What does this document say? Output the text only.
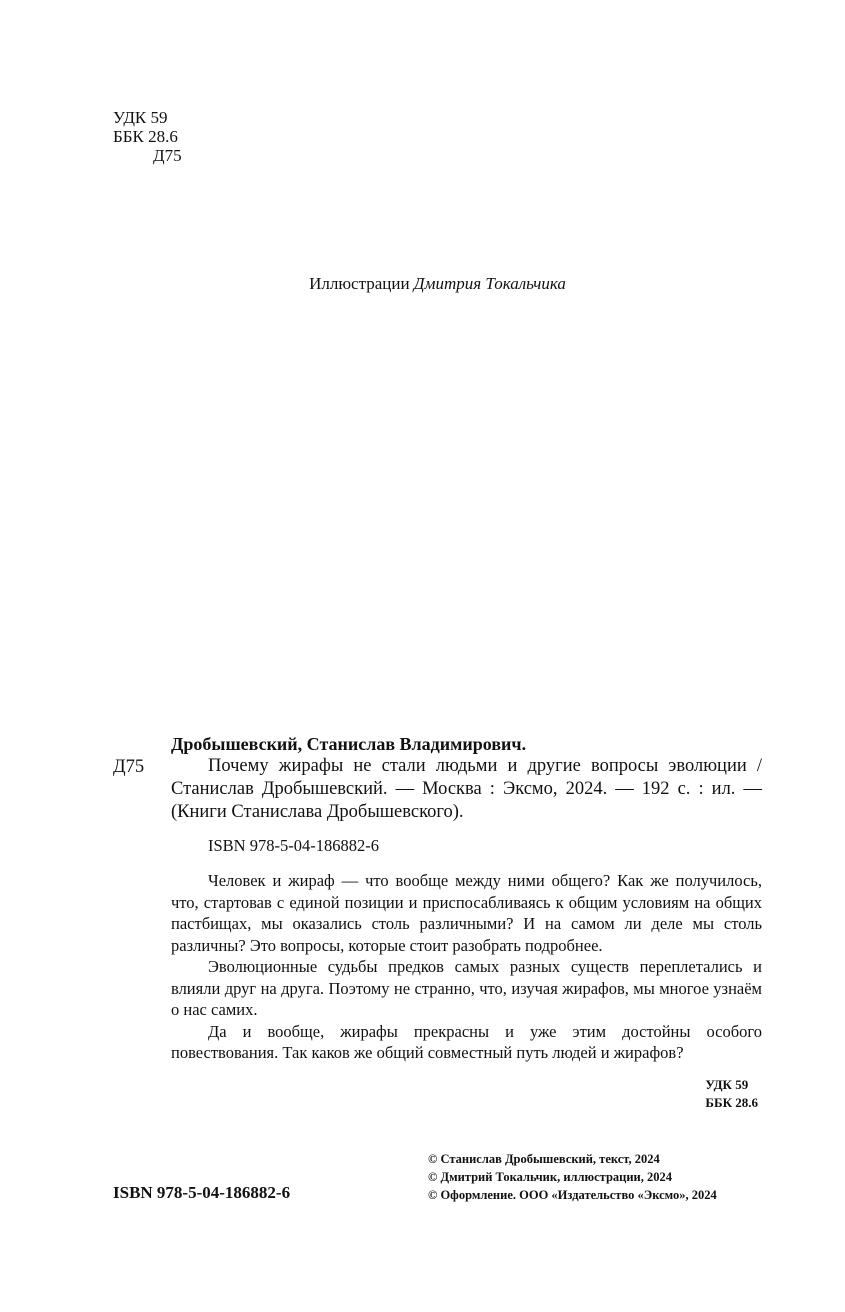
УДК 59
ББК 28.6
Д75
Иллюстрации Дмитрия Токальчика
Дробышевский, Станислав Владимирович.
Д75	Почему жирафы не стали людьми и другие вопросы эволюции / Станислав Дробышевский. — Москва : Эксмо, 2024. — 192 с. : ил. — (Книги Станислава Дробышевского).

ISBN 978-5-04-186882-6

Человек и жираф — что вообще между ними общего? Как же получилось, что, стартовав с единой позиции и приспосабливаясь к общим условиям на общих пастбищах, мы оказались столь различными? И на самом ли деле мы столь различны? Это вопросы, которые стоит разобрать подробнее.

Эволюционные судьбы предков самых разных существ переплетались и влияли друг на друга. Поэтому не странно, что, изучая жирафов, мы многое узнаём о нас самих.

Да и вообще, жирафы прекрасны и уже этим достойны особого повествования. Так каков же общий совместный путь людей и жирафов?

УДК 59
ББК 28.6
© Станислав Дробышевский, текст, 2024
© Дмитрий Токальчик, иллюстрации, 2024
© Оформление. ООО «Издательство «Эксмо», 2024
ISBN 978-5-04-186882-6
